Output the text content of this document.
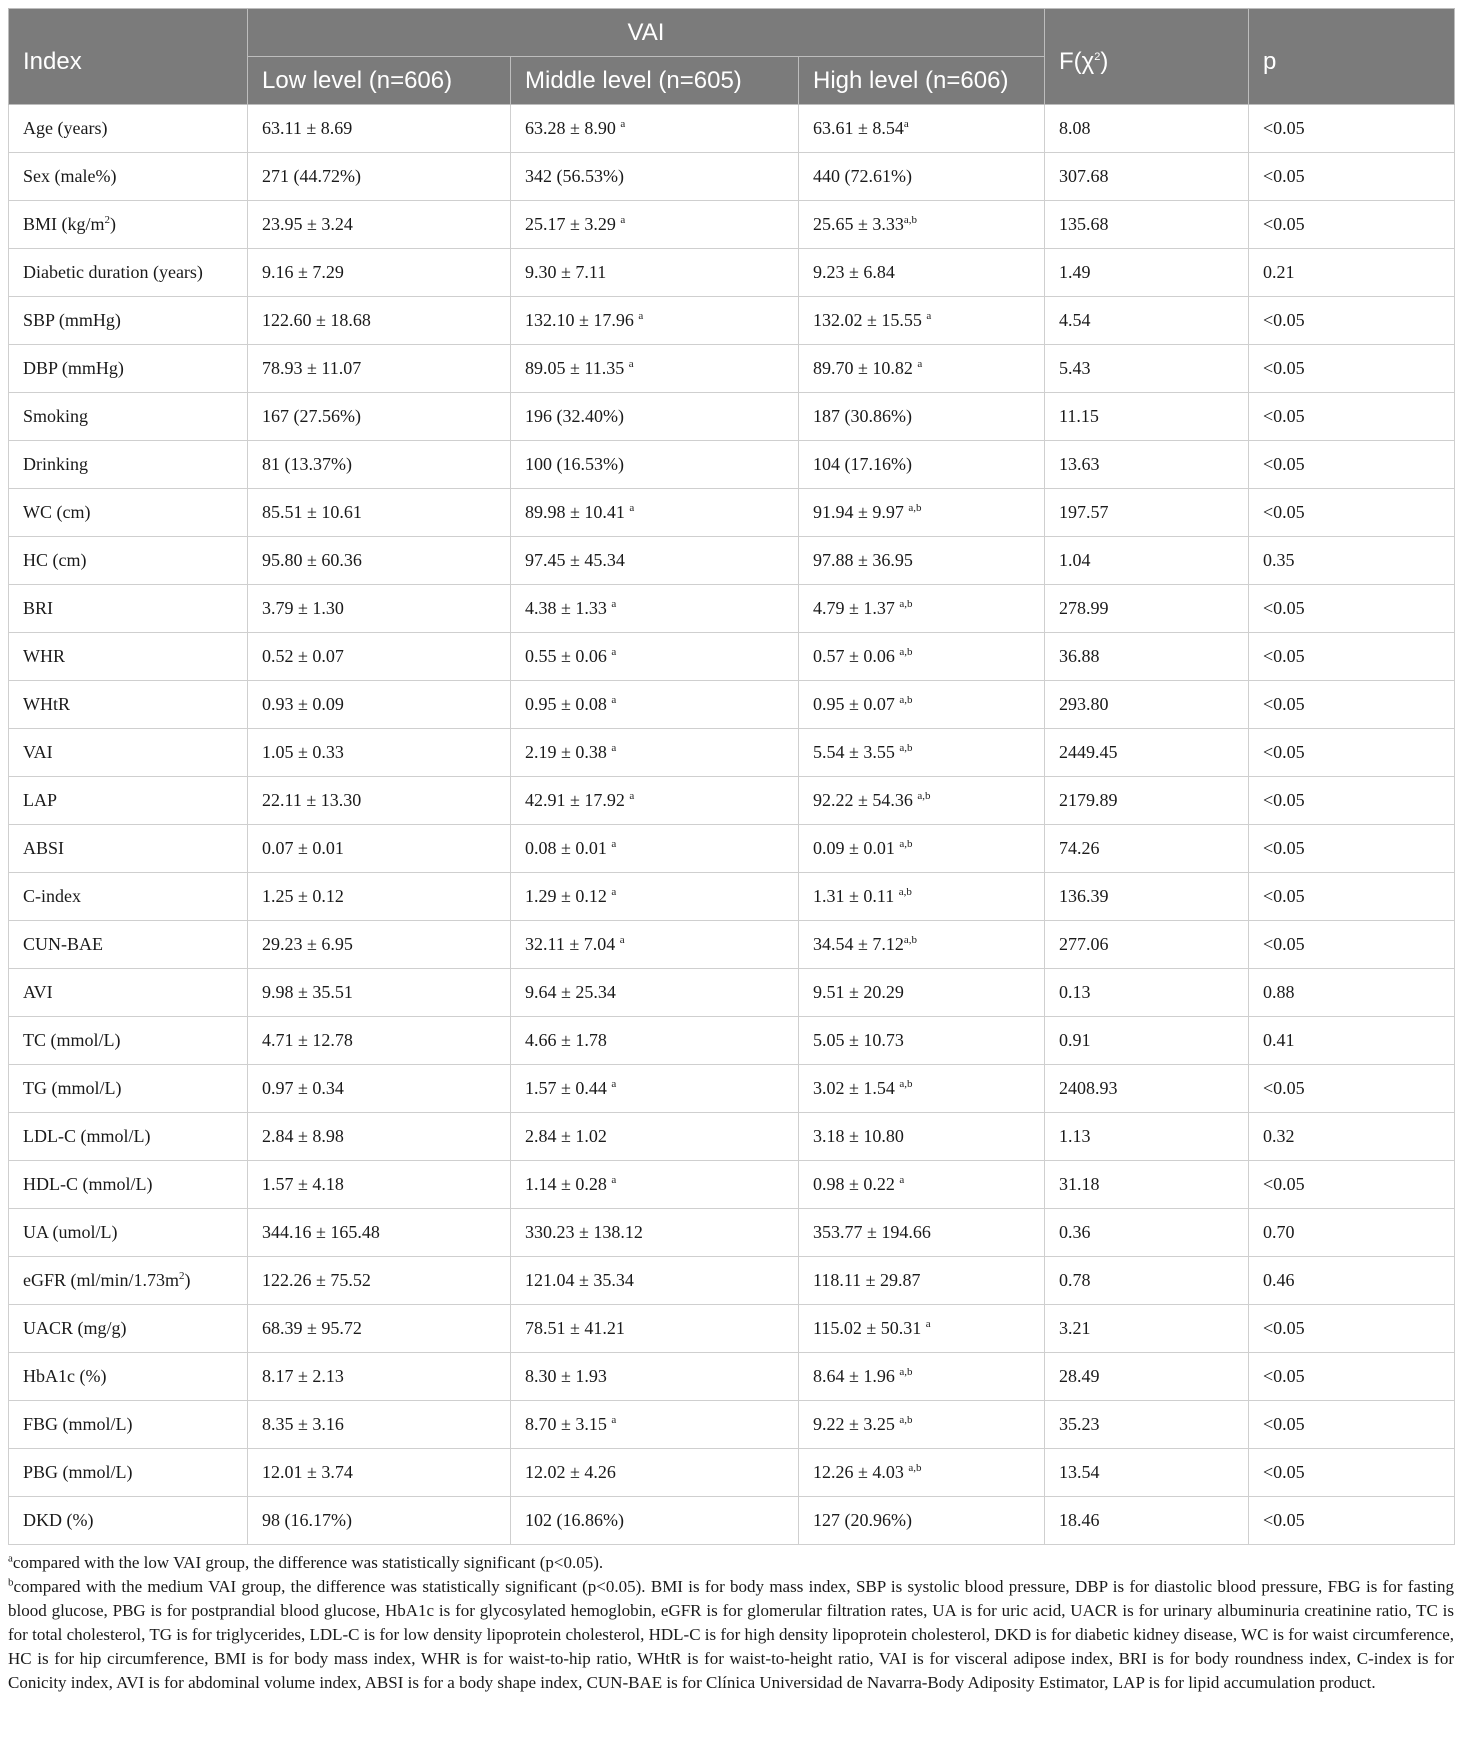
Index	VAI			$F(\chi^2)$	p
	Low level (n=606)	Middle level (n=605)	High level (n=606)		
Age (years)	63.11 ± 8.69	63.28 ± 8.90 $^a$	63.61 ± 8.54$^a$	8.08	<0.05
Sex (male%)	271 (44.72%)	342 (56.53%)	440 (72.61%)	307.68	<0.05
BMI $(kg/m^2)$	23.95 ± 3.24	25.17 ± 3.29 $^a$	$25.65 \pm 3.33^{a,b}$	135.68	<0.05
Diabetic duration (years)	9.16 ± 7.29	9.30 ± 7.11	9.23 ± 6.84	1.49	0.21
SBP (mmHg)	122.60 ± 18.68	132.10 ± 17.96 $^a$	132.02 ± 15.55 $^a$	4.54	<0.05
DBP (mmHg)	78.93 ± 11.07	89.05 ± 11.35 $^a$	89.70 ± 10.82 $^a$	5.43	<0.05
Smoking	167 (27.56%)	196 (32.40%)	187 (30.86%)	11.15	<0.05
Drinking	81 (13.37%)	100 (16.53%)	104 (17.16%)	13.63	<0.05
WC (cm)	85.51 ± 10.61	89.98 ± 10.41 $^a$	91.94 ± 9.97 $^{a,b}$	197.57	<0.05
HC (cm)	95.80 ± 60.36	97.45 ± 45.34	97.88 ± 36.95	1.04	0.35
BRI	3.79 ± 1.30	4.38 ± 1.33 $^a$	4.79 ± 1.37 $^{a,b}$	278.99	<0.05
WHR	0.52 ± 0.07	0.55 ± 0.06 $^a$	0.57 ± 0.06 $^{a,b}$	36.88	<0.05
WHtR	0.93 ± 0.09	0.95 ± 0.08 $^a$	0.95 ± 0.07 $^{a,b}$	293.80	<0.05
VAI	1.05 ± 0.33	2.19 ± 0.38 $^a$	5.54 ± 3.55 $^{a,b}$	2449.45	<0.05
LAP	22.11 ± 13.30	42.91 ± 17.92 $^a$	92.22 ± 54.36 $^{a,b}$	2179.89	<0.05
ABSI	0.07 ± 0.01	0.08 ± 0.01 $^a$	0.09 ± 0.01 $^{a,b}$	74.26	<0.05
C-index	1.25 ± 0.12	1.29 ± 0.12 $^a$	1.31 ± 0.11 $^{a,b}$	136.39	<0.05
CUN-BAE	29.23 ± 6.95	32.11 ± 7.04 $^a$	$34.54 \pm 7.12^{a,b}$	277.06	<0.05
AVI	9.98 ± 35.51	9.64 ± 25.34	9.51 ± 20.29	0.13	0.88
TC (mmol/L)	4.71 ± 12.78	4.66 ± 1.78	5.05 ± 10.73	0.91	0.41
TG (mmol/L)	0.97 ± 0.34	1.57 ± 0.44 $^a$	3.02 ± 1.54 $^{a,b}$	2408.93	<0.05
LDL-C (mmol/L)	2.84 ± 8.98	2.84 ± 1.02	3.18 ± 10.80	1.13	0.32
HDL-C (mmol/L)	1.57 ± 4.18	1.14 ± 0.28 $^a$	0.98 ± 0.22 $^a$	31.18	<0.05
UA (umol/L)	344.16 ± 165.48	330.23 ± 138.12	353.77 ± 194.66	0.36	0.70
eGFR $(ml/\min/1.73m^2)$	122.26 ± 75.52	121.04 ± 35.34	118.11 ± 29.87	0.78	0.46
UACR (mg/g)	68.39 ± 95.72	78.51 ± 41.21	115.02 ± 50.31 $^a$	3.21	<0.05
HbA1c (%)	8.17 ± 2.13	8.30 ± 1.93	8.64 ± 1.96 $^{a,b}$	28.49	<0.05
FBG (mmol/L)	8.35 ± 3.16	8.70 ± 3.15 $^a$	9.22 ± 3.25 $^{a,b}$	35.23	<0.05
PBG (mmol/L)	12.01 ± 3.74	12.02 ± 4.26	12.26 ± 4.03 $^{a,b}$	13.54	<0.05
DKD (%)	98 (16.17%)	102 (16.86%)	127 (20.96%)	18.46	<0.05

$^a$compared with the low VAI group, the difference was statistically significant (p<0.05).

$^b$compared with the medium VAI group, the difference was statistically significant (p<0.05). BMI is for body mass index, SBP is systolic blood pressure, DBP is for diastolic blood pressure, FBG is for fasting blood glucose, PBG is for postprandial blood glucose, HbA1c is for glycosylated hemoglobin, eGFR is for glomerular filtration rates, UA is for uric acid, UACR is for urinary albuminuria creatinine ratio, TC is for total cholesterol, TG is for triglycerides, LDL-C is for low density lipoprotein cholesterol, HDL-C is for high density lipoprotein cholesterol, DKD is for diabetic kidney disease, WC is for waist circumference, HC is for hip circumference, BMI is for body mass index, WHR is for waist-to-hip ratio, WHtR is for waist-to-height ratio, VAI is for visceral adipose index, BRI is for body roundness index, C-index is for Conicity index, AVI is for abdominal volume index, ABSI is for a body shape index, CUN-BAE is for Clínica Universidad de Navarra-Body Adiposity Estimator, LAP is for lipid accumulation product.
